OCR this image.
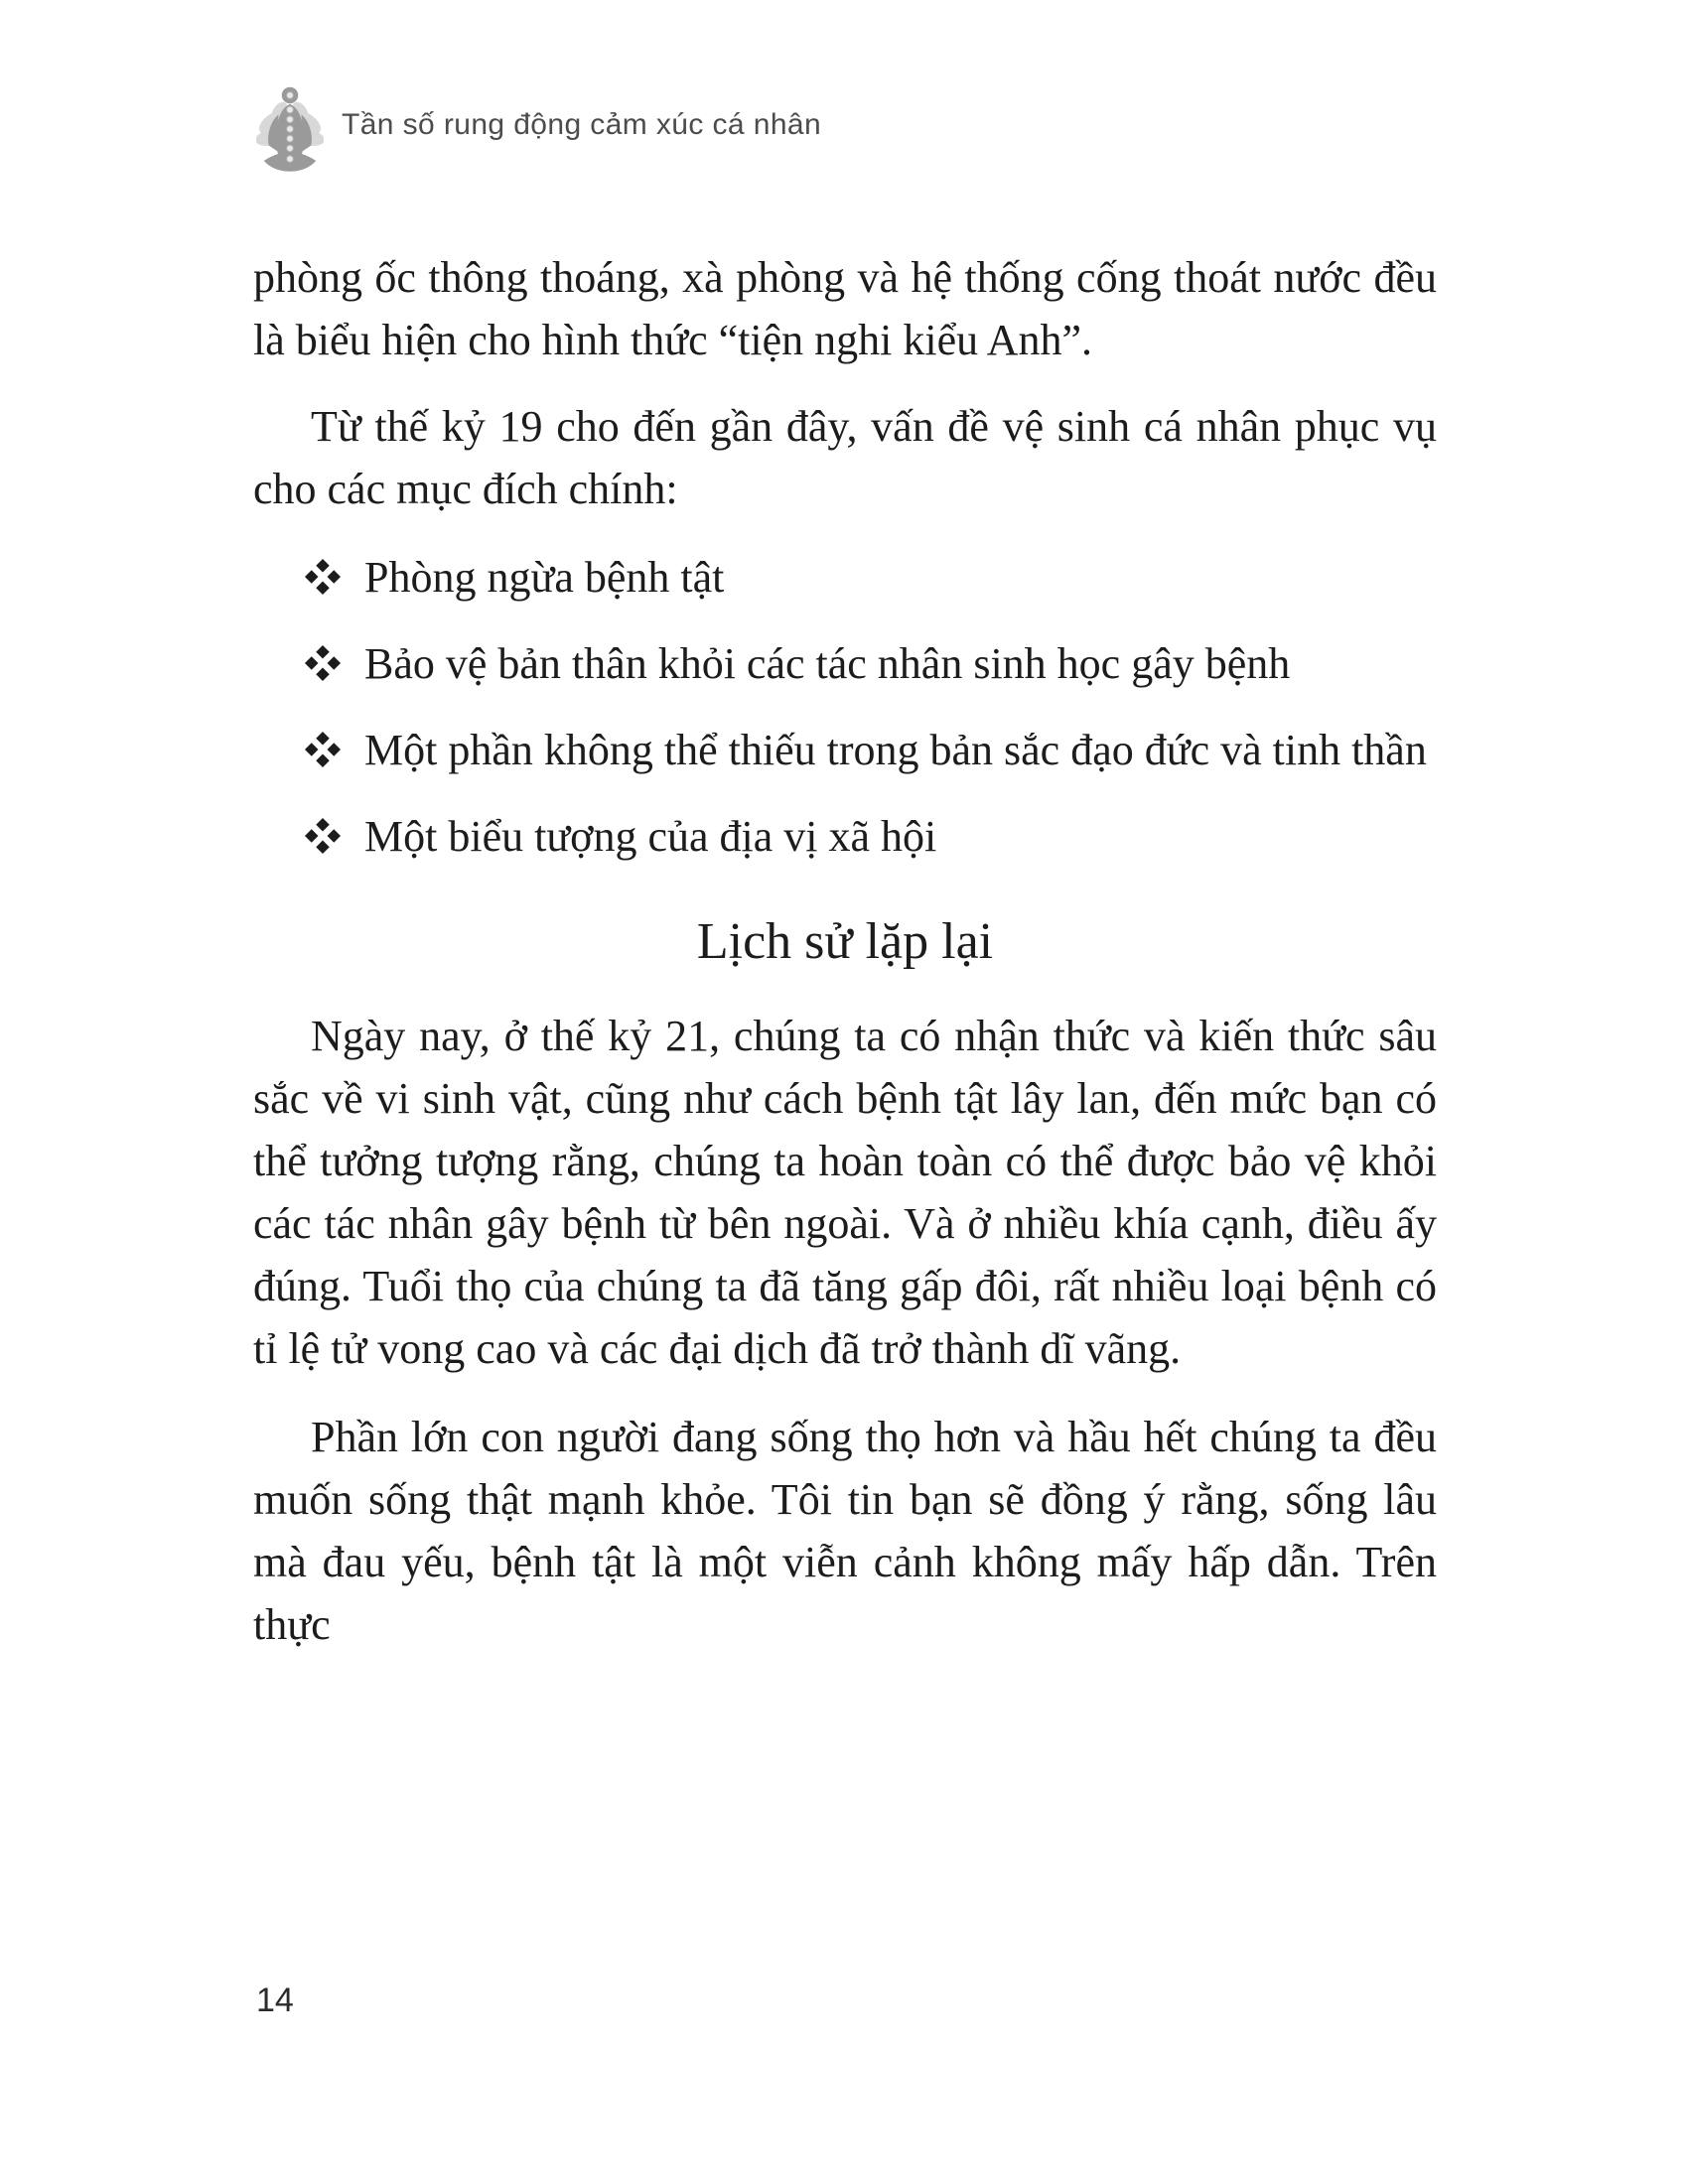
Tần số rung động cảm xúc cá nhân

phòng ốc thông thoáng, xà phòng và hệ thống cống thoát nước đều là biểu hiện cho hình thức “tiện nghi kiểu Anh”.

Từ thế kỷ 19 cho đến gần đây, vấn đề vệ sinh cá nhân phục vụ cho các mục đích chính:

Phòng ngừa bệnh tật
Bảo vệ bản thân khỏi các tác nhân sinh học gây bệnh
Một phần không thể thiếu trong bản sắc đạo đức và tinh thần
Một biểu tượng của địa vị xã hội

Lịch sử lặp lại

Ngày nay, ở thế kỷ 21, chúng ta có nhận thức và kiến thức sâu sắc về vi sinh vật, cũng như cách bệnh tật lây lan, đến mức bạn có thể tưởng tượng rằng, chúng ta hoàn toàn có thể được bảo vệ khỏi các tác nhân gây bệnh từ bên ngoài. Và ở nhiều khía cạnh, điều ấy đúng. Tuổi thọ của chúng ta đã tăng gấp đôi, rất nhiều loại bệnh có tỉ lệ tử vong cao và các đại dịch đã trở thành dĩ vãng.

Phần lớn con người đang sống thọ hơn và hầu hết chúng ta đều muốn sống thật mạnh khỏe. Tôi tin bạn sẽ đồng ý rằng, sống lâu mà đau yếu, bệnh tật là một viễn cảnh không mấy hấp dẫn. Trên thực

14
